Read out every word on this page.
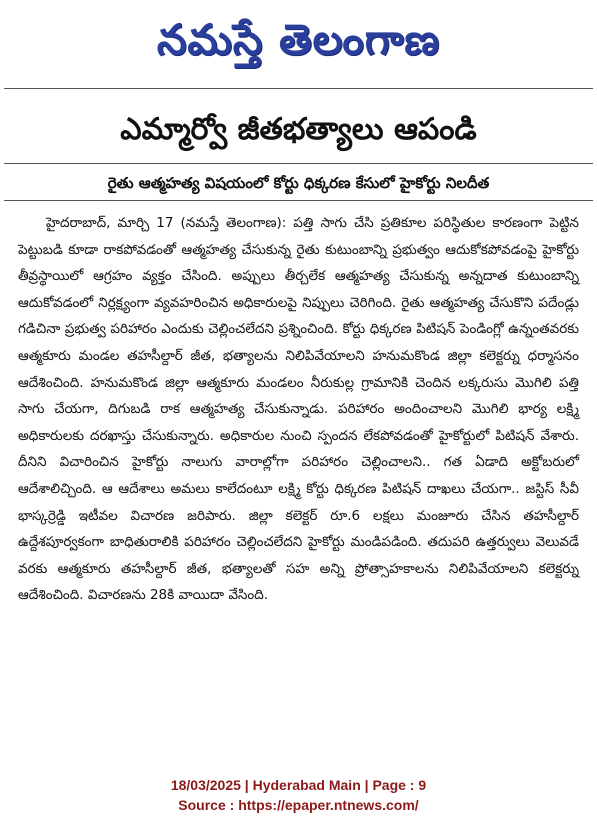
నమస్తే తెలంగాణ
ఎమ్మార్వో జీతభత్యాలు ఆపండి
రైతు ఆత్మహత్య విషయంలో కోర్టు ధిక్కరణ కేసులో హైకోర్టు నిలదీత
హైదరాబాద్, మార్చి 17 (నమస్తే తెలంగాణ): పత్తి సాగు చేసి ప్రతికూల పరిస్థితుల కారణంగా పెట్టిన పెట్టుబడి కూడా రాకపోవడంతో ఆత్మహత్య చేసుకున్న రైతు కుటుంబాన్ని ప్రభుత్వం ఆదుకోకపోవడంపై హైకోర్టు తీవ్రస్థాయిలో ఆగ్రహం వ్యక్తం చేసింది. అప్పులు తీర్చలేక ఆత్మహత్య చేసుకున్న అన్నదాత కుటుంబాన్ని ఆదుకోవడంలో నిర్లక్ష్యంగా వ్యవహరించిన అధికారులపై నిప్పులు చెరిగింది. రైతు ఆత్మహత్య చేసుకొని పదేండ్లు గడిచినా ప్రభుత్వ పరిహారం ఎందుకు చెల్లించలేదని ప్రశ్నించింది. కోర్టు ధిక్కరణ పిటిషన్ పెండింగ్లో ఉన్నంతవరకు ఆత్మకూరు మండల తహసీల్దార్ జీత, భత్యాలను నిలిపివేయాలని హనుమకొండ జిల్లా కలెక్టర్ను ధర్మాసనం ఆదేశించింది. హనుమకొండ జిల్లా ఆత్మకూరు మండలం నీరుకుల్ల గ్రామానికి చెందిన లక్కరుసు మొగిలి పత్తి సాగు చేయగా, దిగుబడి రాక ఆత్మహత్య చేసుకున్నాడు. పరిహారం అందించాలని మొగిలి భార్య లక్ష్మి అధికారులకు దరఖాస్తు చేసుకున్నారు. అధికారుల నుంచి స్పందన లేకపోవడంతో హైకోర్టులో పిటిషన్ వేశారు. దీనిని విచారించిన హైకోర్టు నాలుగు వారాల్లోగా పరిహారం చెల్లించాలని.. గత ఏడాది అక్టోబరులో ఆదేశాలిచ్చింది. ఆ ఆదేశాలు అమలు కాలేదంటూ లక్ష్మి కోర్టు ధిక్కరణ పిటిషన్ దాఖలు చేయగా.. జస్టిస్ సీవీ భాస్కర్రెడ్డి ఇటీవల విచారణ జరిపారు. జిల్లా కలెక్టర్ రూ.6 లక్షలు మంజూరు చేసిన తహసీల్దార్ ఉద్దేశపూర్వకంగా బాధితురాలికి పరిహారం చెల్లించలేదని హైకోర్టు మండిపడింది. తదుపరి ఉత్తర్వులు వెలువడే వరకు ఆత్మకూరు తహసీల్దార్ జీత, భత్యాలతో సహ అన్ని ప్రోత్సాహకాలను నిలిపివేయాలని కలెక్టర్ను ఆదేశించింది. విచారణను 28కి వాయిదా వేసింది.
18/03/2025 | Hyderabad Main | Page : 9
Source : https://epaper.ntnews.com/
